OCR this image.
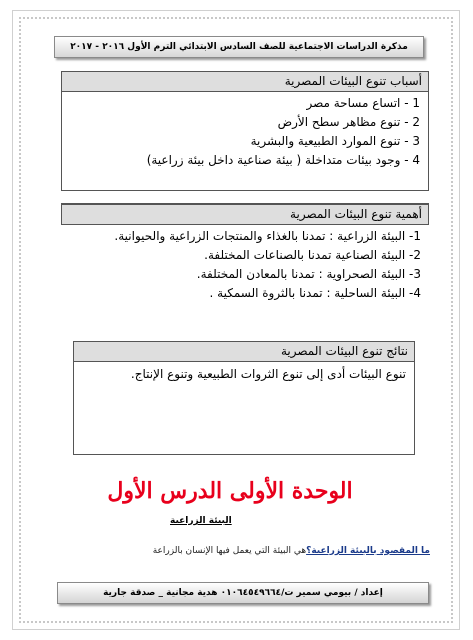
مذكرة الدراسات الاجتماعية للصف السادس الابتدائي الترم الأول ٢٠١٦ - ٢٠١٧
أسباب تنوع البيئات المصرية
1 - اتساع مساحة مصر
2 - تنوع مظاهر سطح الأرض
3 - تنوع الموارد الطبيعية والبشرية
4 - وجود بيئات متداخلة ( بيئة صناعية داخل بيئة زراعية)
أهمية تنوع البيئات المصرية
1- البيئة الزراعية : تمدنا بالغذاء والمنتجات الزراعية والحيوانية.
2- البيئة الصناعية تمدنا بالصناعات المختلفة.
3- البيئة الصحراوية : تمدنا بالمعادن المختلفة.
4- البيئة الساحلية : تمدنا بالثروة السمكية .
نتائج تنوع البيئات المصرية
تنوع البيئات أدى إلى تنوع الثروات الطبيعية وتنوع الإنتاج.
الوحدة الأولى الدرس الأول
البيئة الزراعية
ما المقصود بالبيئة الزراعية؟هي البيئة التي يعمل فيها الإنسان بالزراعة
إعداد / بيومي سمير ت/٠١٠٦٤٥٤٩٦٦٤ هدية مجانية _ صدقة جارية
